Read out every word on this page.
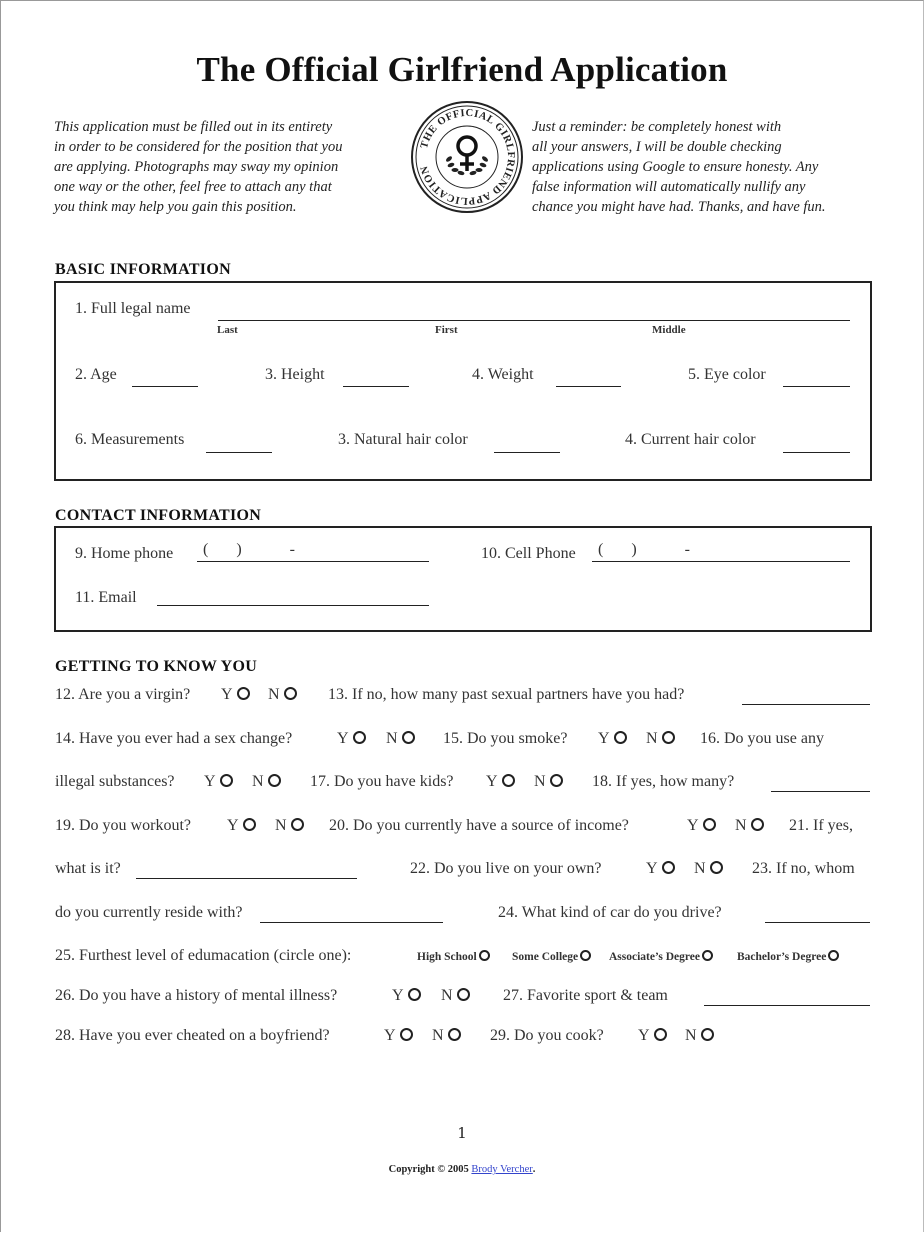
The Official Girlfriend Application
This application must be filled out in its entirety
in order to be considered for the position that you
are applying. Photographs may sway my opinion
one way or the other, feel free to attach any that
you think may help you gain this position.
THE OFFICIAL GIRLFRIEND APPLICATION
Just a reminder: be completely honest with
all your answers, I will be double checking
applications using Google to ensure honesty. Any
false information will automatically nullify any
chance you might have had. Thanks, and have fun.
BASIC INFORMATION
1. Full legal name
Last	First	Middle
2. Age	3. Height	4. Weight	5. Eye color
6. Measurements	3. Natural hair color	4. Current hair color
CONTACT INFORMATION
9. Home phone (       )            -	10. Cell Phone (       )            -
11. Email
GETTING TO KNOW YOU
12. Are you a virgin? Y	N	13. If no, how many past sexual partners have you had?
14. Have you ever had a sex change?	Y	N	15. Do you smoke? Y	N	16. Do you use any
illegal substances? Y	N	17. Do you have kids? Y	N	18. If yes, how many?
19. Do you workout? Y	N	20. Do you currently have a source of income?	Y	N	21. If yes,
what is it?	22. Do you live on your own?	Y	N	23. If no, whom
do you currently reside with?	24. What kind of car do you drive?
25. Furthest level of edumacation (circle one):	High School	Some College	Associate’s Degree	Bachelor’s Degree
26. Do you have a history of mental illness?	Y	N	27. Favorite sport & team
28. Have you ever cheated on a boyfriend?	Y	N	29. Do you cook? Y	N
1
Copyright © 2005 Brody Vercher.
